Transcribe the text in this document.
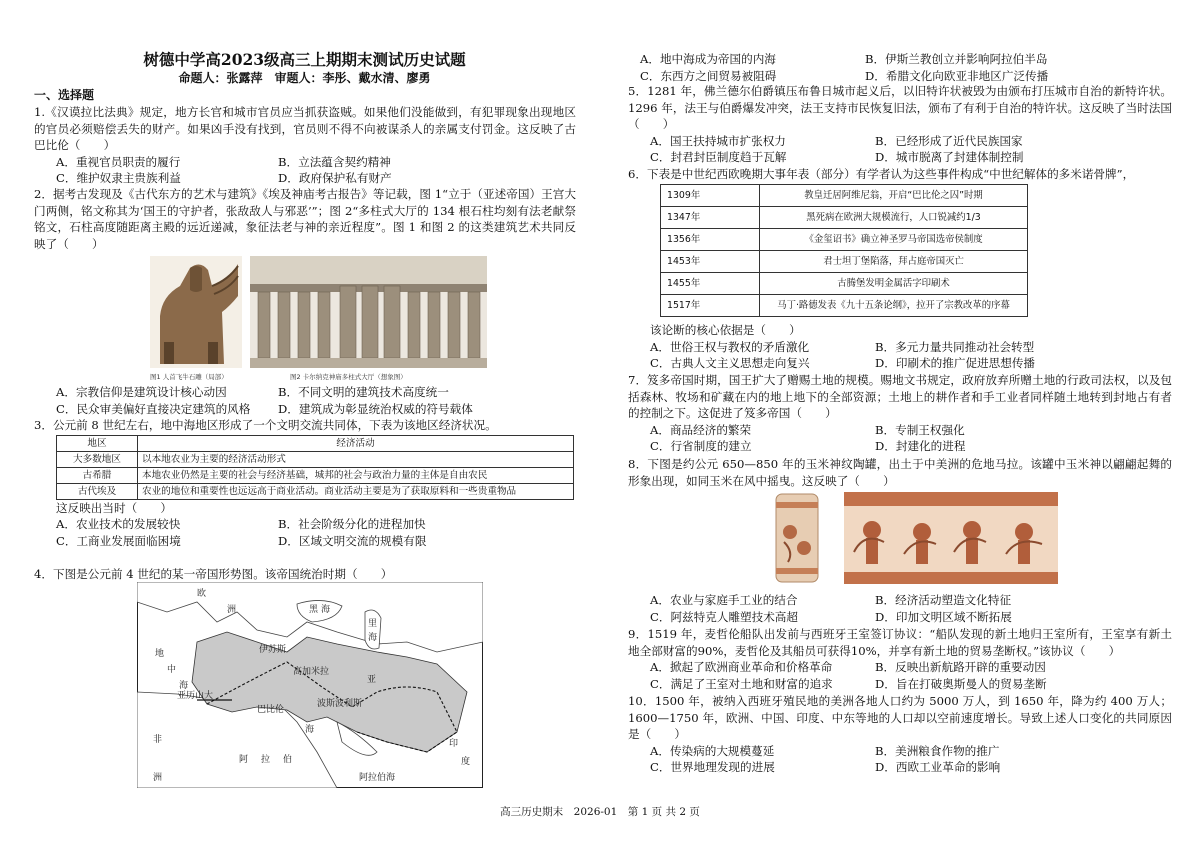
树德中学高2023级高三上期期末测试历史试题
命题人：张露萍　审题人：李彤、戴水清、廖勇
一、选择题

1.《汉谟拉比法典》规定，地方长官和城市官员应当抓获盗贼。如果他们没能做到，有犯罪现象出现地区的官员必须赔偿丢失的财产。如果凶手没有找到，官员则不得不向被谋杀人的亲属支付罚金。这反映了古巴比伦（　　）

A．重视官员职责的履行	B．立法蕴含契约精神
C．维护奴隶主贵族利益	D．政府保护私有财产

2．据考古发现及《古代东方的艺术与建筑》《埃及神庙考古报告》等记载，图 1“立于（亚述帝国）王宫大门两侧，铭文称其为‘国王的守护者，张敌敌人与邪恶’”；图 2“多柱式大厅的 134 根石柱均刻有法老献祭铭文，石柱高度随距离主殿的远近递减，象征法老与神的亲近程度”。图 1 和图 2 的这类建筑艺术共同反映了（　　）

图1 人首飞牛石雕（局部）	图2 卡尔纳克神庙多柱式大厅（想象图）
A．宗教信仰是建筑设计核心动因	B．不同文明的建筑技术高度统一
C．民众审美偏好直接决定建筑的风格	D．建筑成为彰显统治权威的符号载体

3．公元前 8 世纪左右，地中海地区形成了一个文明交流共同体，下表为该地区经济状况。

地区	经济活动
大多数地区	以本地农业为主要的经济活动形式
古希腊	本地农业仍然是主要的社会与经济基础，城邦的社会与政治力量的主体是自由农民
古代埃及	农业的地位和重要性也远远高于商业活动。商业活动主要是为了获取原料和一些贵重物品

这反映出当时（　　）

A．农业技术的发展较快	B．社会阶级分化的进程加快
C．工商业发展面临困境	D．区域文明交流的规模有限

4．下图是公元前 4 世纪的某一帝国形势图。该帝国统治时期（　　）

欧
洲	黑 海
里
海
地
中
海
亚历山大
巴比伦
波斯波利斯
亚
非
洲
阿 拉 伯
海
印
度
阿拉伯海
伊苏斯
高加米拉
A．地中海成为帝国的内海	B．伊斯兰教创立并影响阿拉伯半岛
C．东西方之间贸易被阻碍	D．希腊文化向欧亚非地区广泛传播

5．1281 年，佛兰德尔伯爵镇压布鲁日城市起义后，以旧特许状被毁为由颁布打压城市自治的新特许状。1296 年，法王与伯爵爆发冲突，法王支持市民恢复旧法，颁布了有利于自治的特许状。这反映了当时法国（　　）

A．国王扶持城市扩张权力	B．已经形成了近代民族国家
C．封君封臣制度趋于瓦解	D．城市脱离了封建体制控制

6．下表是中世纪西欧晚期大事年表（部分）有学者认为这些事件构成“中世纪解体的多米诺骨牌”，

1309年	教皇迁居阿维尼翁，开启“巴比伦之囚”时期
1347年	黑死病在欧洲大规模流行，人口锐减约1/3
1356年	《金玺诏书》确立神圣罗马帝国选帝侯制度
1453年	君士坦丁堡陷落，拜占庭帝国灭亡
1455年	古腾堡发明金属活字印刷术
1517年	马丁·路德发表《九十五条论纲》，拉开了宗教改革的序幕

该论断的核心依据是（　　）

A．世俗王权与教权的矛盾激化	B．多元力量共同推动社会转型
C．古典人文主义思想走向复兴	D．印刷术的推广促进思想传播

7．笈多帝国时期，国王扩大了赠赐土地的规模。赐地文书规定，政府放弃所赠土地的行政司法权，以及包括森林、牧场和矿藏在内的地上地下的全部资源；土地上的耕作者和手工业者同样随土地转到封地占有者的控制之下。这促进了笈多帝国（　　）

A．商品经济的繁荣	B．专制王权强化
C．行省制度的建立	D．封建化的进程

8．下图是约公元 650—850 年的玉米神纹陶罐，出土于中美洲的危地马拉。该罐中玉米神以翩翩起舞的形象出现，如同玉米在风中摇曳。这反映了（　　）

A．农业与家庭手工业的结合	B．经济活动塑造文化特征
C．阿兹特克人雕塑技术高超	D．印加文明区域不断拓展

9．1519 年，麦哲伦船队出发前与西班牙王室签订协议：“船队发现的新土地归王室所有，王室享有新土地全部财富的90%，麦哲伦及其船员可获得10%，并享有新土地的贸易垄断权。”该协议（　　）

A．掀起了欧洲商业革命和价格革命	B．反映出新航路开辟的重要动因
C．满足了王室对土地和财富的追求	D．旨在打破奥斯曼人的贸易垄断

10．1500 年，被纳入西班牙殖民地的美洲各地人口约为 5000 万人，到 1650 年，降为约 400 万人；1600—1750 年，欧洲、中国、印度、中东等地的人口却以空前速度增长。导致上述人口变化的共同原因是（　　）

A．传染病的大规模蔓延	B．美洲粮食作物的推广
C．世界地理发现的进展	D．西欧工业革命的影响
高三历史期末　2026-01　第 1 页 共 2 页
